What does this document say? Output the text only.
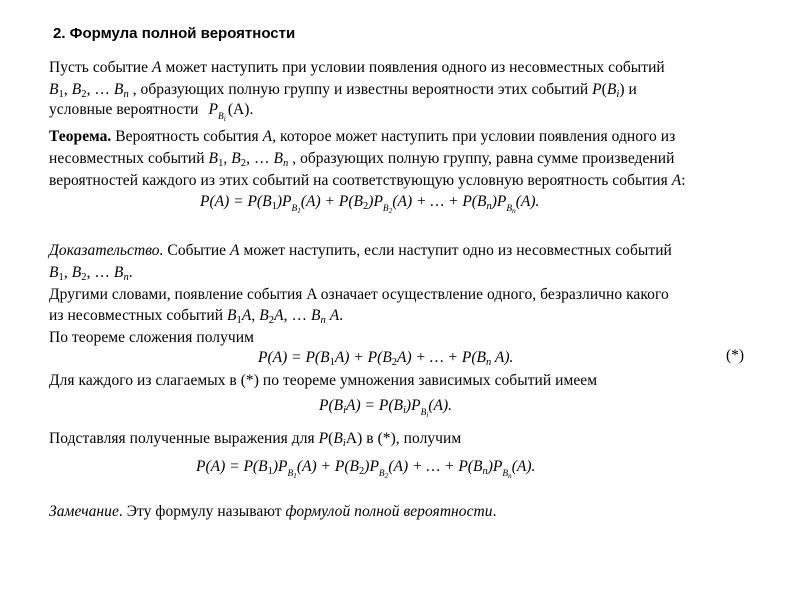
2. Формула полной вероятности
Пусть событие A может наступить при условии появления одного из несовместных событий
$B_1$, $B_2$, … $B_n$ , образующих полную группу и известны вероятности этих событий $P(B_i)$ и
условные вероятности $P_{Bi}(A)$.
Теорема. Вероятность события A, которое может наступить при условии появления одного из
несовместных событий $B_1$, $B_2$, … $B_n$ , образующих полную группу, равна сумме произведений
вероятностей каждого из этих событий на соответствующую условную вероятность события A:
$P(A) = P(B_1)P_{B1}(A) + P(B_2)P_{B2}(A)$ + … + $P(B_n)P_{Bn}(A)$.
Доказательство. Событие A может наступить, если наступит одно из несовместных событий
$B_1$, $B_2$, … $B_n$.
Другими словами, появление события A означает осуществление одного, безразлично какого
из несовместных событий $B_1A$, $B_2A$, … $B_n$ A.
По теореме сложения получим
$P(A) = P(B_1A) + P(B_2A)$ + … + $P(B_n$ A).	(*)
Для каждого из слагаемых в (*) по теореме умножения зависимых событий имеем
$P(B_iA) = P(B_i)P_{Bi}(A)$.
Подставляя полученные выражения для $P(B_iA)$ в (*), получим
$P(A) = P(B_1)P_{B1}(A) + P(B_2)P_{B2}(A)$ + … + $P(B_n)P_{Bn}(A)$.
Замечание. Эту формулу называют формулой полной вероятности.
